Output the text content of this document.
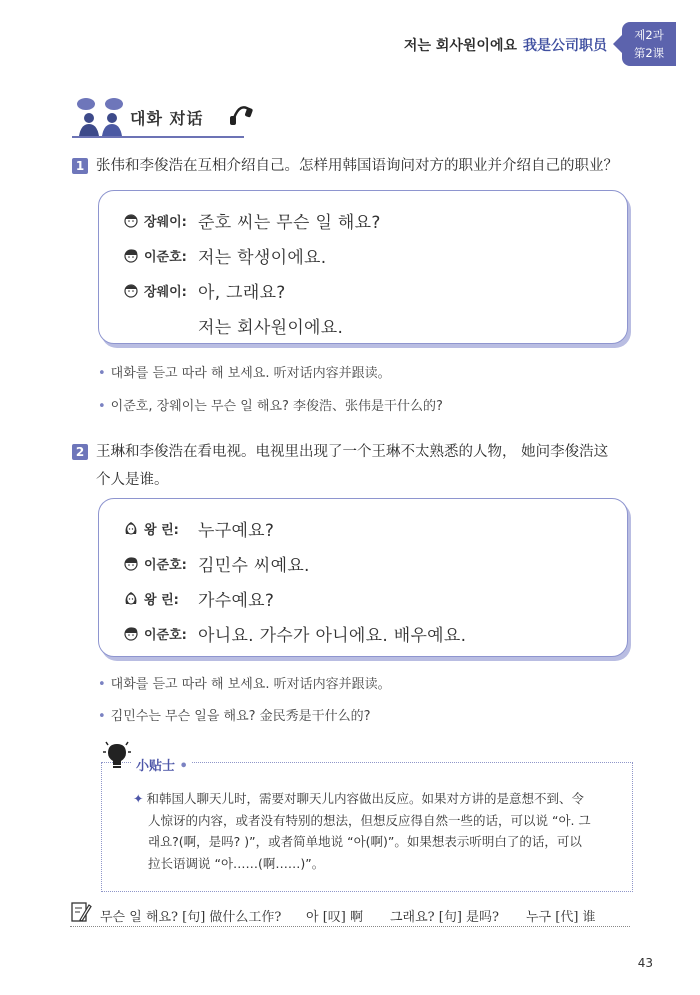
저는 회사원이에요 我是公司职员
제2과
第2课
대화 对话
1 张伟和李俊浩在互相介绍自己。怎样用韩国语询问对方的职业并介绍自己的职业？
장웨이: 준호 씨는 무슨 일 해요?
이준호: 저는 학생이에요.
장웨이: 아, 그래요?
저는 회사원이에요.
• 대화를 듣고 따라 해 보세요. 听对话内容并跟读。
• 이준호, 장웨이는 무슨 일 해요? 李俊浩、张伟是干什么的?
2 王琳和李俊浩在看电视。电视里出现了一个王琳不太熟悉的人物， 她问李俊浩这
个人是谁。
왕 린:	누구예요?
이준호: 김민수 씨예요.
왕 린:	가수예요?
이준호: 아니요. 가수가 아니에요. 배우예요.
• 대화를 듣고 따라 해 보세요. 听对话内容并跟读。
• 김민수는 무슨 일을 해요? 金民秀是干什么的?
小贴士 •
✦ 和韩国人聊天儿时，需要对聊天儿内容做出反应。如果对方讲的是意想不到、令
人惊讶的内容，或者没有特别的想法，但想反应得自然一些的话，可以说 “아. 그
래요?(啊，是吗? )”，或者简单地说 “아(啊)”。如果想表示听明白了的话，可以
拉长语调说 “아……(啊……)”。
무슨 일 해요? [句] 做什么工作? 아 [叹] 啊 그래요? [句] 是吗? 누구 [代] 谁
43
